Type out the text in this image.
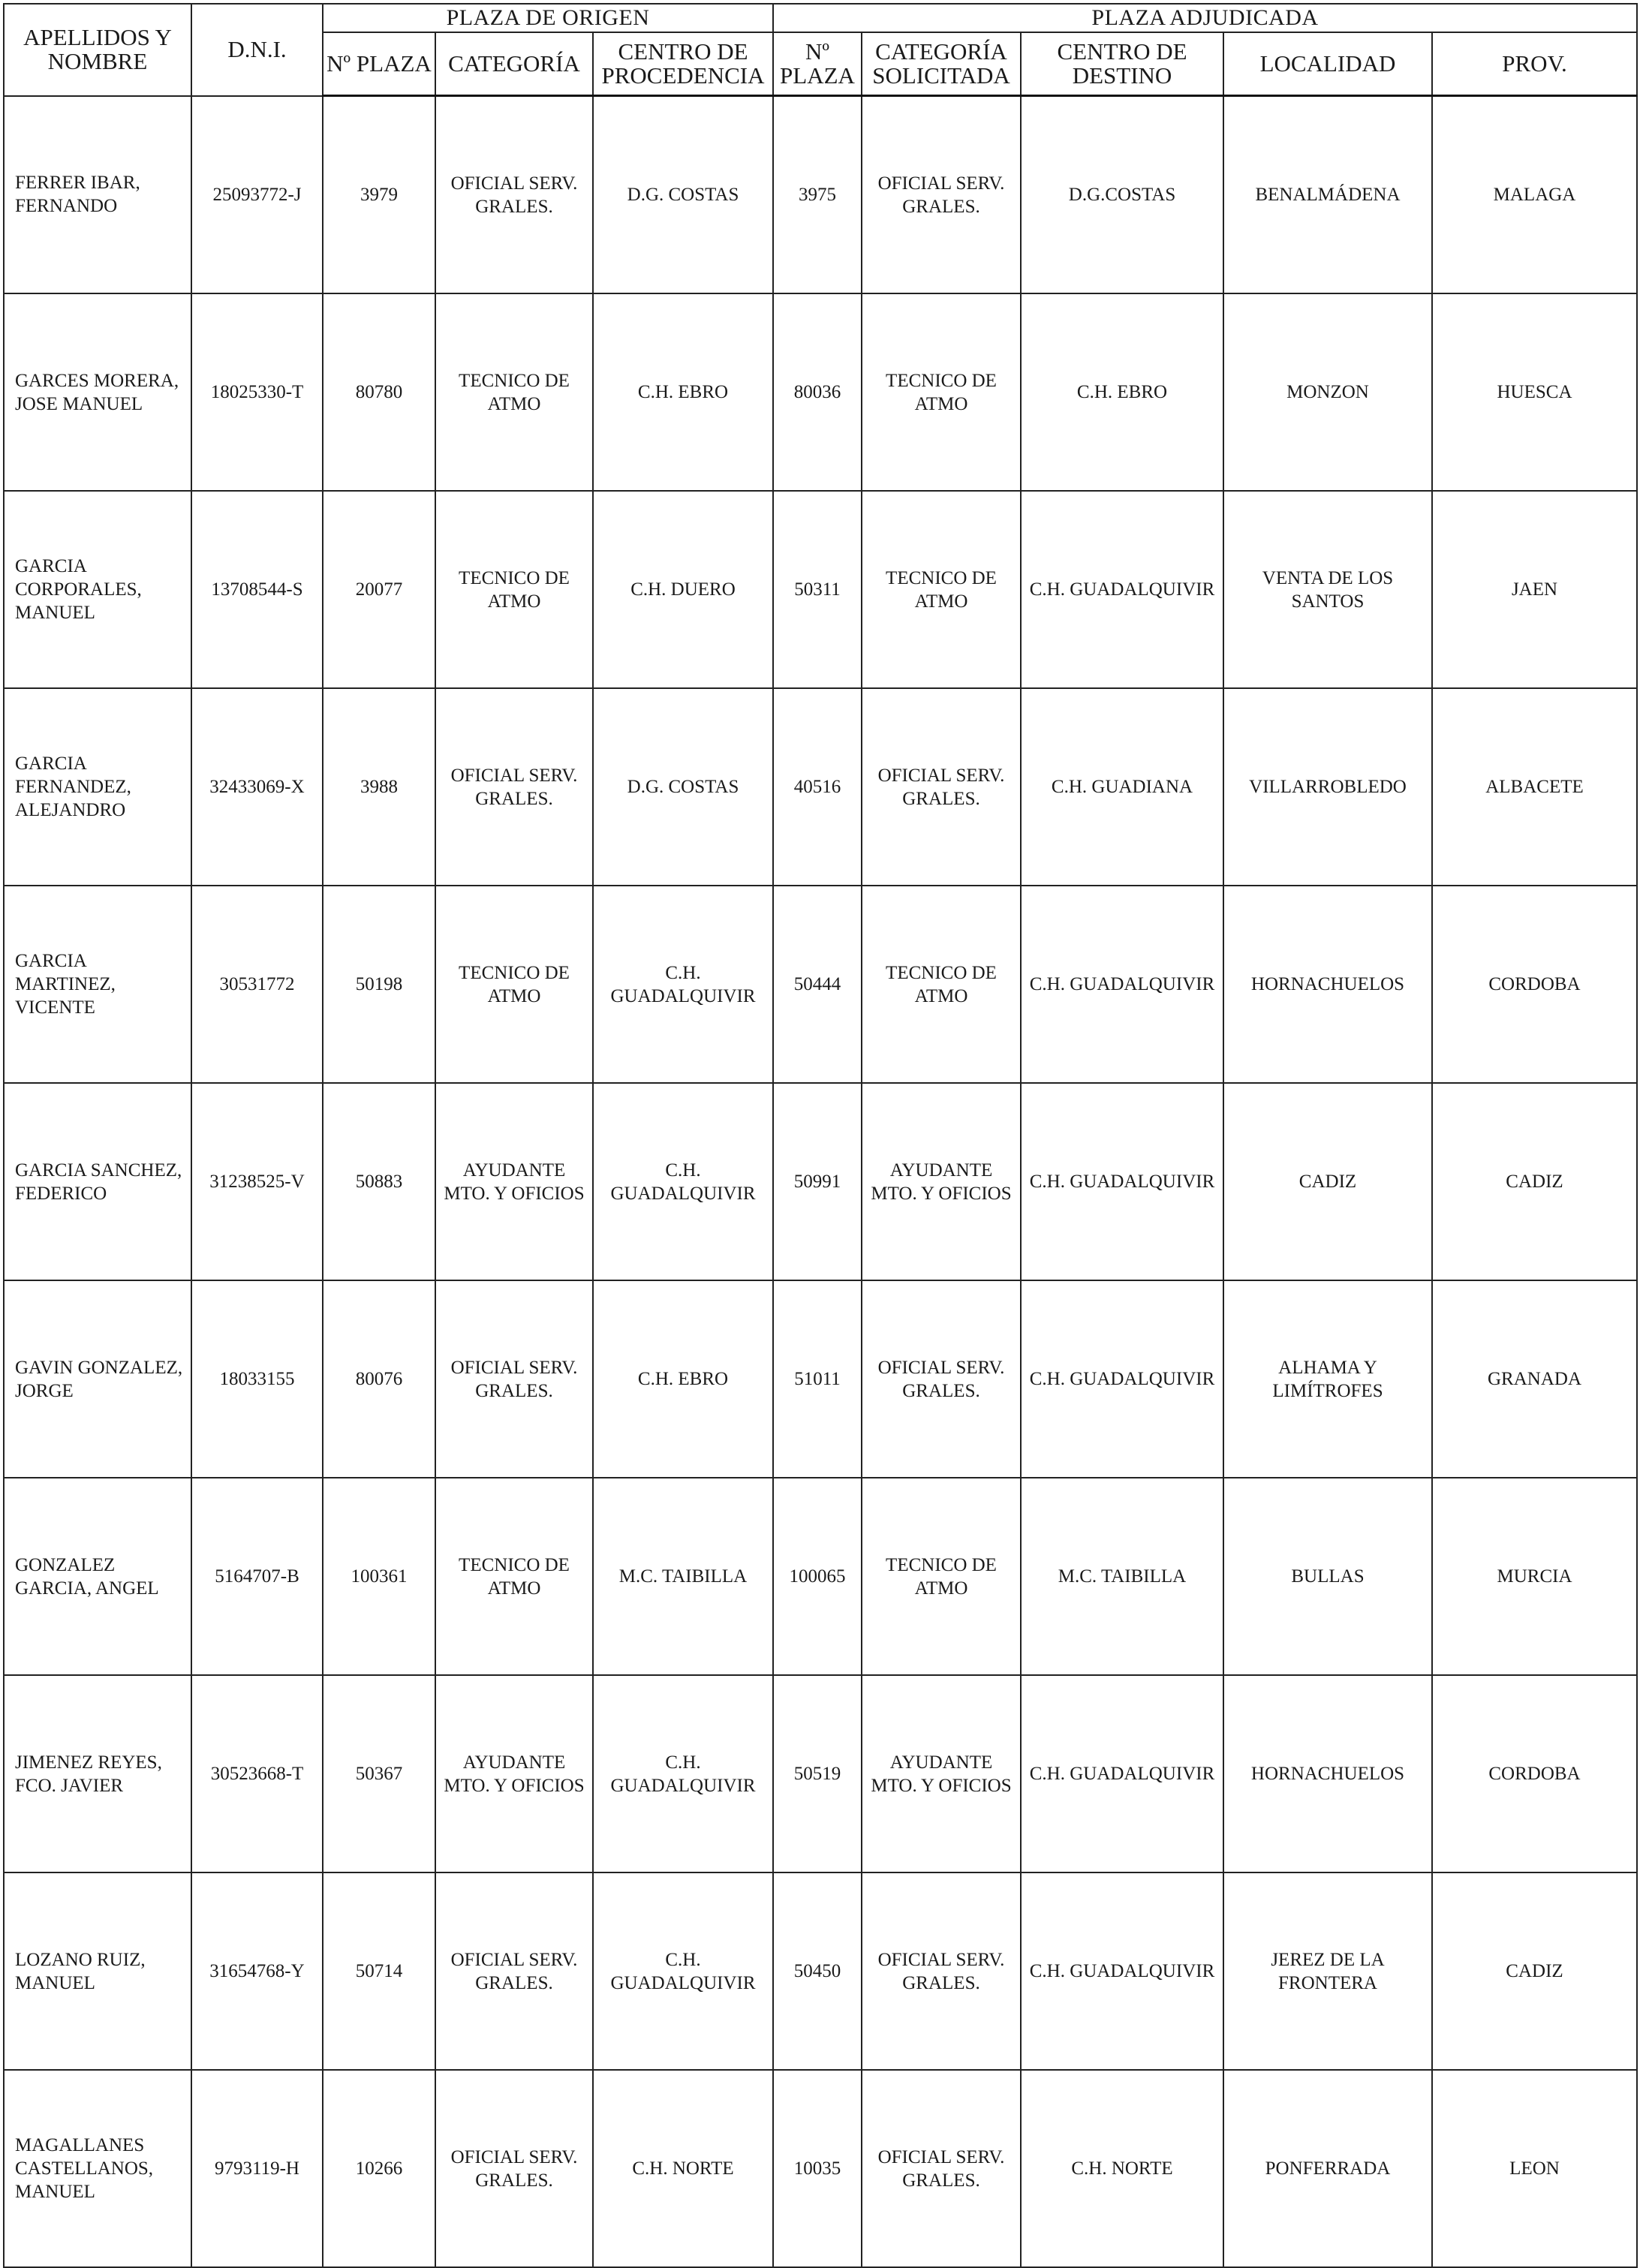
APELLIDOS Y NOMBRE	D.N.I.	PLAZA DE ORIGEN			PLAZA ADJUDICADA				
		Nº PLAZA	CATEGORÍA	CENTRO DE PROCEDENCIA	Nº PLAZA	CATEGORÍA SOLICITADA	CENTRO DE DESTINO	LOCALIDAD	PROV.
FERRER IBAR, FERNANDO	25093772-J	3979	OFICIAL SERV. GRALES.	D.G. COSTAS	3975	OFICIAL SERV. GRALES.	D.G.COSTAS	BENALMÁDENA	MALAGA
GARCES MORERA, JOSE MANUEL	18025330-T	80780	TECNICO DE ATMO	C.H. EBRO	80036	TECNICO DE ATMO	C.H. EBRO	MONZON	HUESCA
GARCIA CORPORALES, MANUEL	13708544-S	20077	TECNICO DE ATMO	C.H. DUERO	50311	TECNICO DE ATMO	C.H. GUADALQUIVIR	VENTA DE LOS SANTOS	JAEN
GARCIA FERNANDEZ, ALEJANDRO	32433069-X	3988	OFICIAL SERV. GRALES.	D.G. COSTAS	40516	OFICIAL SERV. GRALES.	C.H. GUADIANA	VILLARROBLEDO	ALBACETE
GARCIA MARTINEZ, VICENTE	30531772	50198	TECNICO DE ATMO	C.H. GUADALQUIVIR	50444	TECNICO DE ATMO	C.H. GUADALQUIVIR	HORNACHUELOS	CORDOBA
GARCIA SANCHEZ, FEDERICO	31238525-V	50883	AYUDANTE MTO. Y OFICIOS	C.H. GUADALQUIVIR	50991	AYUDANTE MTO. Y OFICIOS	C.H. GUADALQUIVIR	CADIZ	CADIZ
GAVIN GONZALEZ, JORGE	18033155	80076	OFICIAL SERV. GRALES.	C.H. EBRO	51011	OFICIAL SERV. GRALES.	C.H. GUADALQUIVIR	ALHAMA Y LIMÍTROFES	GRANADA
GONZALEZ GARCIA, ANGEL	5164707-B	100361	TECNICO DE ATMO	M.C. TAIBILLA	100065	TECNICO DE ATMO	M.C. TAIBILLA	BULLAS	MURCIA
JIMENEZ REYES, FCO. JAVIER	30523668-T	50367	AYUDANTE MTO. Y OFICIOS	C.H. GUADALQUIVIR	50519	AYUDANTE MTO. Y OFICIOS	C.H. GUADALQUIVIR	HORNACHUELOS	CORDOBA
LOZANO RUIZ, MANUEL	31654768-Y	50714	OFICIAL SERV. GRALES.	C.H. GUADALQUIVIR	50450	OFICIAL SERV. GRALES.	C.H. GUADALQUIVIR	JEREZ DE LA FRONTERA	CADIZ
MAGALLANES CASTELLANOS, MANUEL	9793119-H	10266	OFICIAL SERV. GRALES.	C.H. NORTE	10035	OFICIAL SERV. GRALES.	C.H. NORTE	PONFERRADA	LEON
